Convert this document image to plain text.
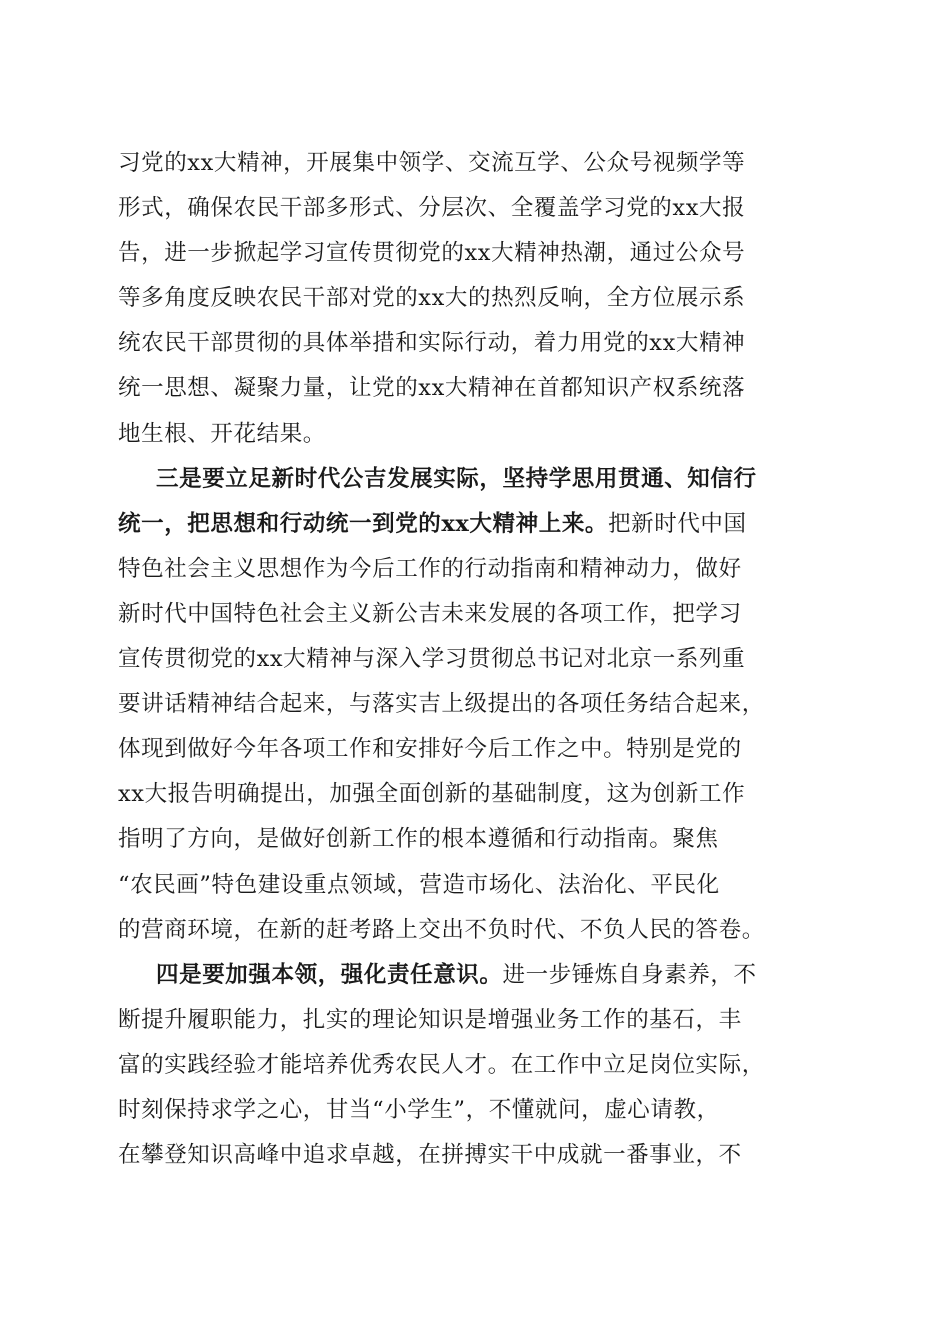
习党的xx大精神，开展集中领学、交流互学、公众号视频学等
形式，确保农民干部多形式、分层次、全覆盖学习党的xx大报
告，进一步掀起学习宣传贯彻党的xx大精神热潮，通过公众号
等多角度反映农民干部对党的xx大的热烈反响，全方位展示系
统农民干部贯彻的具体举措和实际行动，着力用党的xx大精神
统一思想、凝聚力量，让党的xx大精神在首都知识产权系统落
地生根、开花结果。
三是要立足新时代公吉发展实际，坚持学思用贯通、知信行
统一，把思想和行动统一到党的xx大精神上来。把新时代中国
特色社会主义思想作为今后工作的行动指南和精神动力，做好
新时代中国特色社会主义新公吉未来发展的各项工作，把学习
宣传贯彻党的xx大精神与深入学习贯彻总书记对北京一系列重
要讲话精神结合起来，与落实吉上级提出的各项任务结合起来，
体现到做好今年各项工作和安排好今后工作之中。特别是党的
xx大报告明确提出，加强全面创新的基础制度，这为创新工作
指明了方向，是做好创新工作的根本遵循和行动指南。聚焦
“农民画”特色建设重点领域，营造市场化、法治化、平民化
的营商环境，在新的赶考路上交出不负时代、不负人民的答卷。
四是要加强本领，强化责任意识。进一步锤炼自身素养，不
断提升履职能力，扎实的理论知识是增强业务工作的基石，丰
富的实践经验才能培养优秀农民人才。在工作中立足岗位实际，
时刻保持求学之心，甘当“小学生”，不懂就问，虚心请教，
在攀登知识高峰中追求卓越，在拼搏实干中成就一番事业，不
